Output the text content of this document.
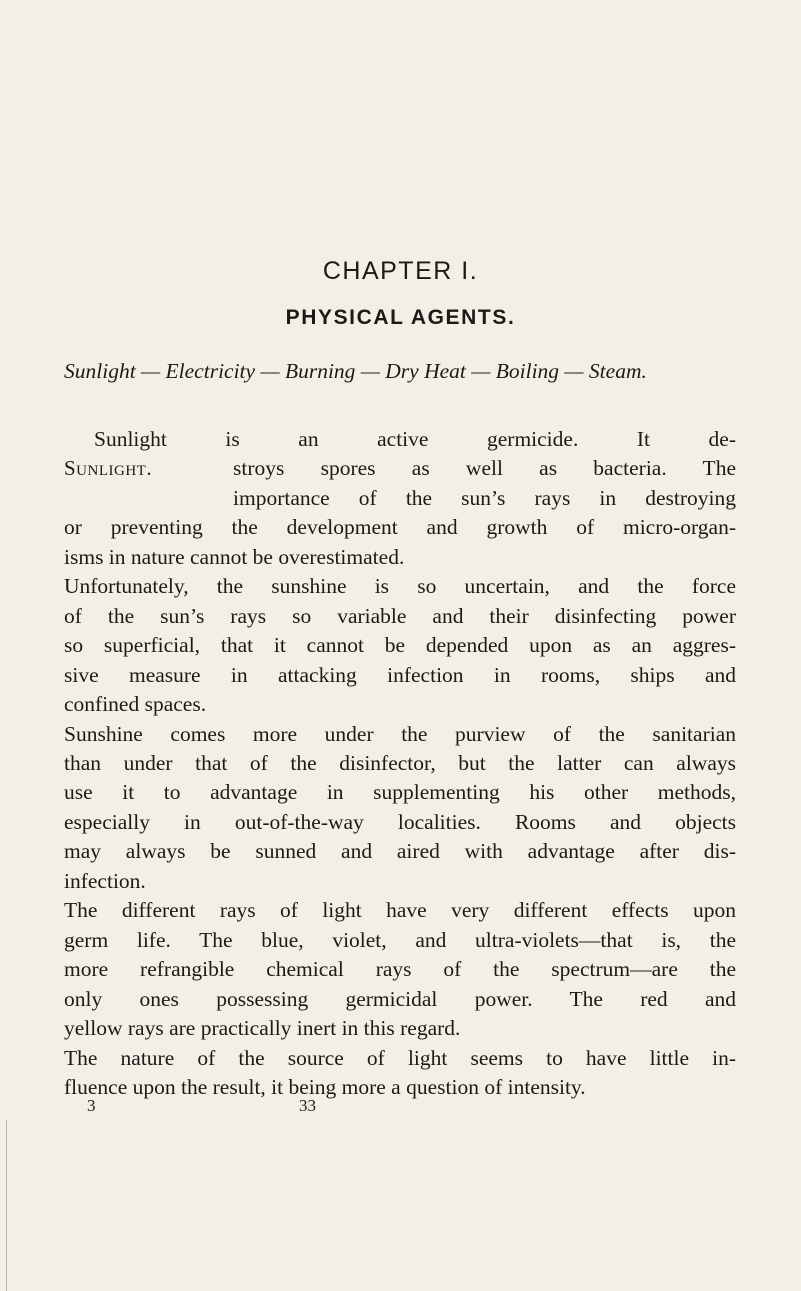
CHAPTER I.
PHYSICAL AGENTS.
Sunlight — Electricity — Burning — Dry Heat — Boiling — Steam.
Sunlight.
Sunlight is an active germicide. It de-
stroys spores as well as bacteria. The
importance of the sun’s rays in destroying
or preventing the development and growth of micro-organ-
isms in nature cannot be overestimated.
Unfortunately, the sunshine is so uncertain, and the force
of the sun’s rays so variable and their disinfecting power
so superficial, that it cannot be depended upon as an aggres-
sive measure in attacking infection in rooms, ships and
confined spaces.
Sunshine comes more under the purview of the sanitarian
than under that of the disinfector, but the latter can always
use it to advantage in supplementing his other methods,
especially in out-of-the-way localities. Rooms and objects
may always be sunned and aired with advantage after dis-
infection.
The different rays of light have very different effects upon
germ life. The blue, violet, and ultra-violets—that is, the
more refrangible chemical rays of the spectrum—are the
only ones possessing germicidal power. The red and
yellow rays are practically inert in this regard.
The nature of the source of light seems to have little in-
fluence upon the result, it being more a question of intensity.
3	33
